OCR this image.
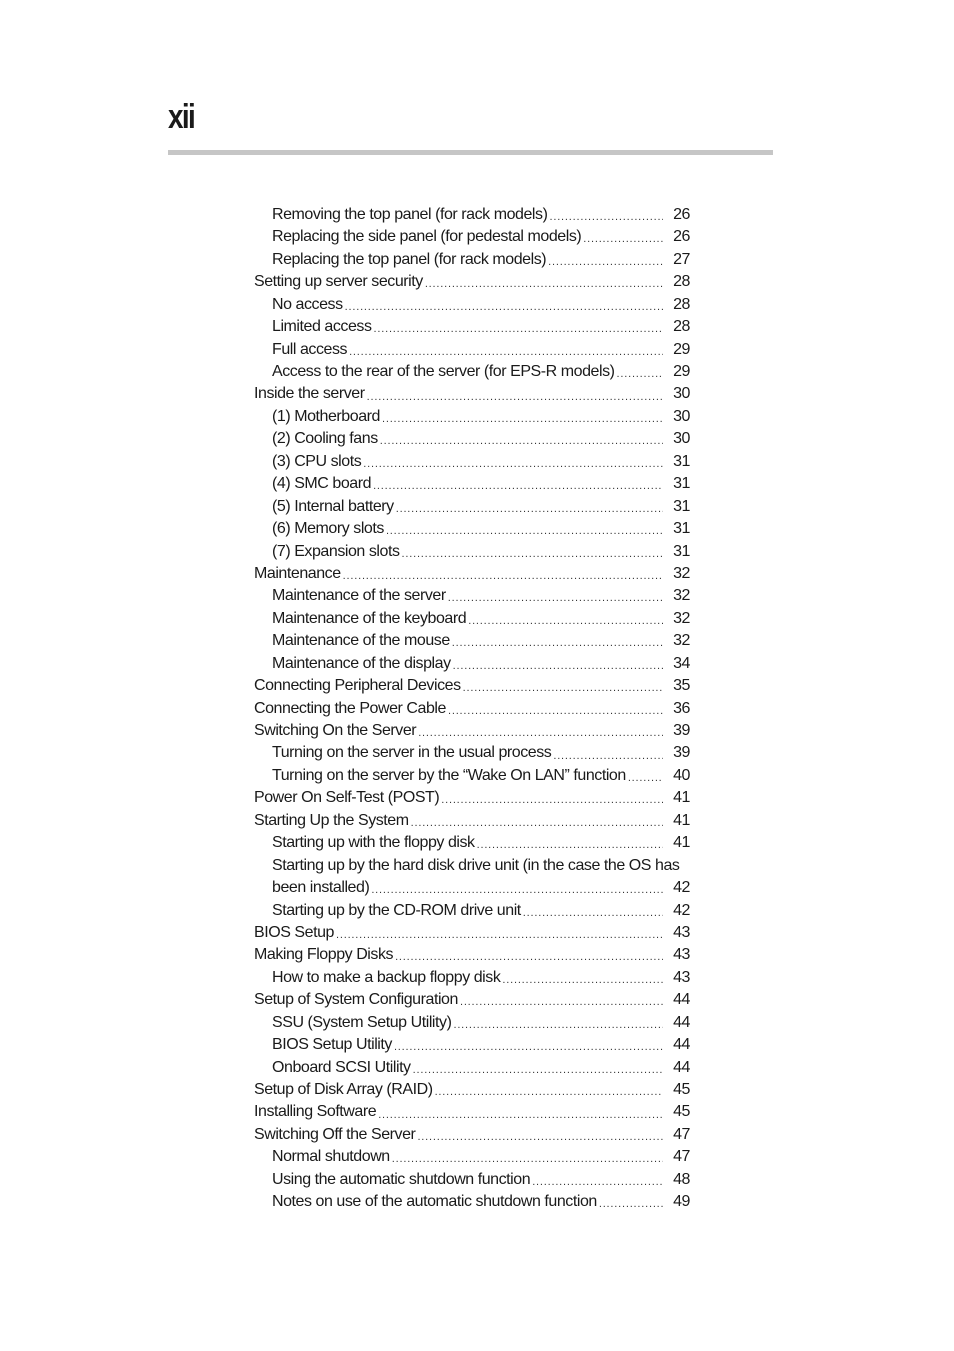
xii
Removing the top panel (for rack models) .....	26
Replacing the side panel (for pedestal models) .....	26
Replacing the top panel (for rack models) .....	27
Setting up server security .....	28
No access .....	28
Limited access .....	28
Full access .....	29
Access to the rear of the server (for EPS-R models) .....	29
Inside the server .....	30
(1) Motherboard .....	30
(2) Cooling fans .....	30
(3) CPU slots .....	31
(4) SMC board .....	31
(5) Internal battery .....	31
(6) Memory slots .....	31
(7) Expansion slots .....	31
Maintenance .....	32
Maintenance of the server .....	32
Maintenance of the keyboard .....	32
Maintenance of the mouse .....	32
Maintenance of the display .....	34
Connecting Peripheral Devices .....	35
Connecting the Power Cable .....	36
Switching On the Server .....	39
Turning on the server in the usual process .....	39
Turning on the server by the “Wake On LAN” function .....	40
Power On Self-Test (POST) .....	41
Starting Up the System .....	41
Starting up with the floppy disk .....	41
Starting up by the hard disk drive unit (in the case the OS has
been installed) .....	42
Starting up by the CD-ROM drive unit .....	42
BIOS Setup .....	43
Making Floppy Disks .....	43
How to make a backup floppy disk .....	43
Setup of System Configuration .....	44
SSU (System Setup Utility) .....	44
BIOS Setup Utility .....	44
Onboard SCSI Utility .....	44
Setup of Disk Array (RAID) .....	45
Installing Software .....	45
Switching Off the Server .....	47
Normal shutdown .....	47
Using the automatic shutdown function .....	48
Notes on use of the automatic shutdown function .....	49
